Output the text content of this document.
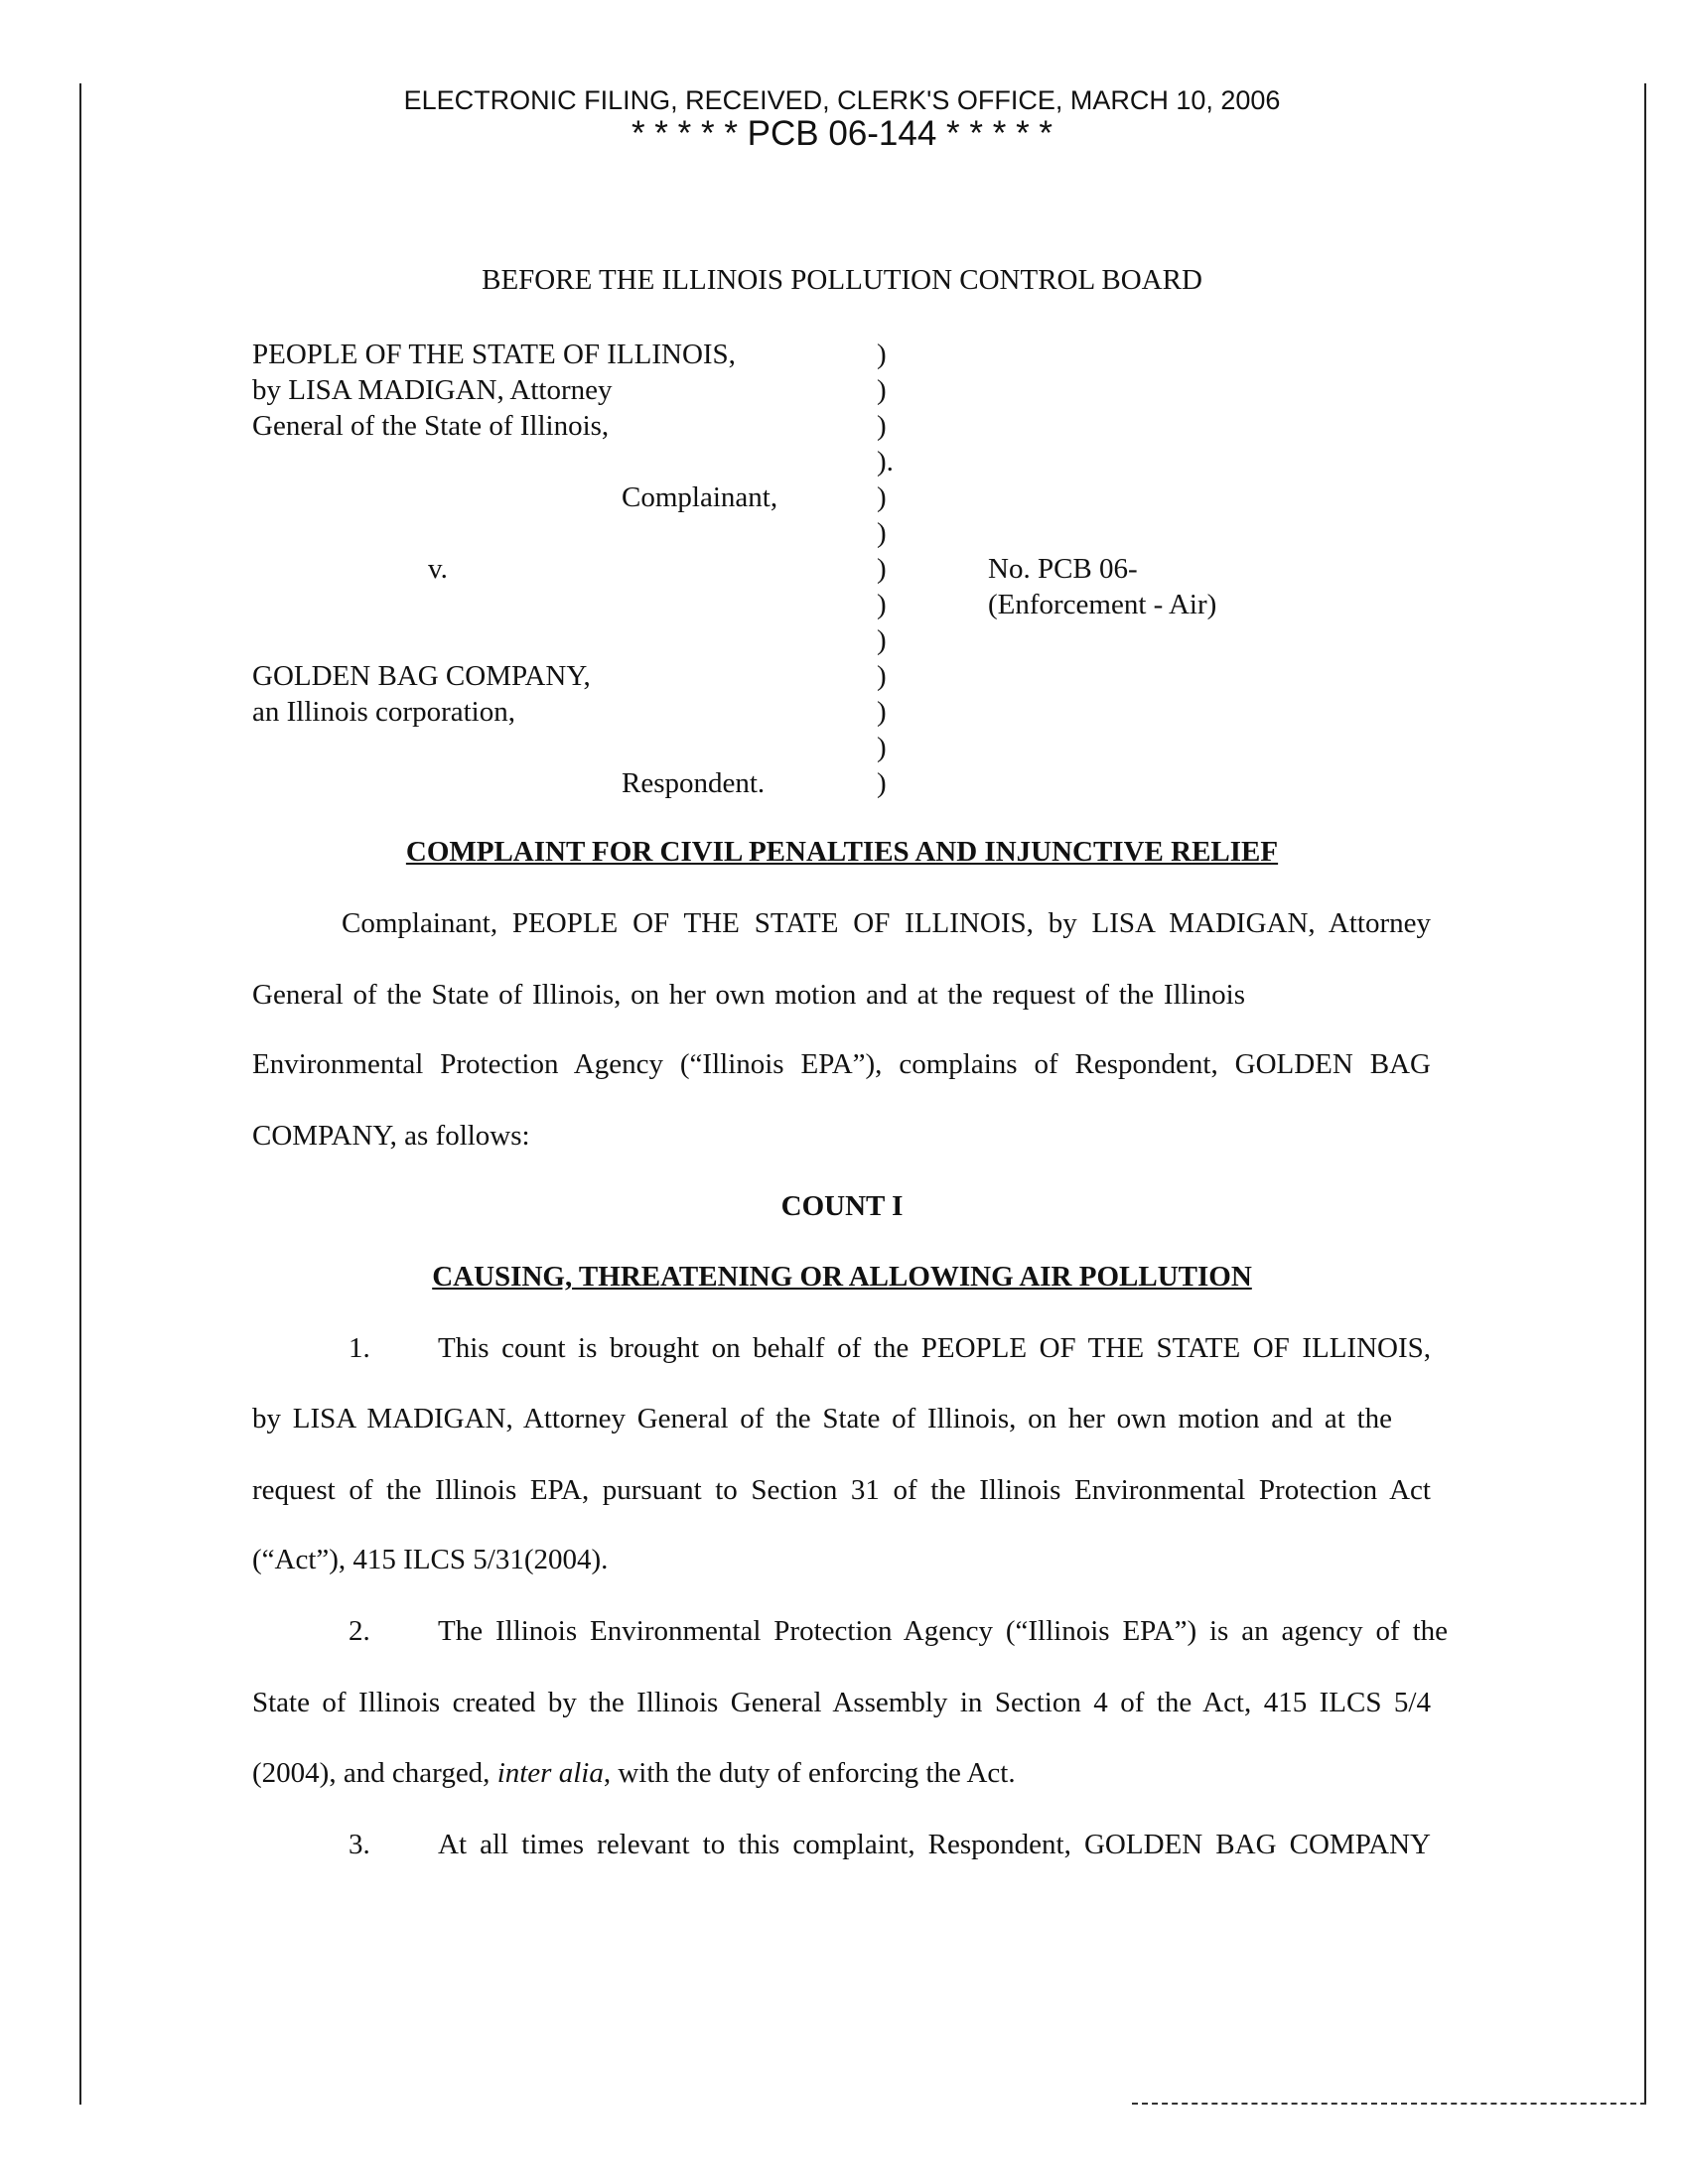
ELECTRONIC FILING, RECEIVED, CLERK'S OFFICE, MARCH 10, 2006
* * * * * PCB 06-144 * * * * *
BEFORE THE ILLINOIS POLLUTION CONTROL BOARD
PEOPLE OF THE STATE OF ILLINOIS,
by LISA MADIGAN, Attorney
General of the State of Illinois,
Complainant,
v.
GOLDEN BAG COMPANY,
an Illinois corporation,
Respondent.
)
)
)
).
)
)
)
)
)
)
)
)
)
No. PCB 06-
(Enforcement - Air)
COMPLAINT FOR CIVIL PENALTIES AND INJUNCTIVE RELIEF
Complainant, PEOPLE OF THE STATE OF ILLINOIS, by LISA MADIGAN, Attorney
General of the State of Illinois, on her own motion and at the request of the Illinois
Environmental Protection Agency (“Illinois EPA”), complains of Respondent, GOLDEN BAG
COMPANY, as follows:
COUNT I
CAUSING, THREATENING OR ALLOWING AIR POLLUTION
1. This count is brought on behalf of the PEOPLE OF THE STATE OF ILLINOIS,
by LISA MADIGAN, Attorney General of the State of Illinois, on her own motion and at the
request of the Illinois EPA, pursuant to Section 31 of the Illinois Environmental Protection Act
(“Act”), 415 ILCS 5/31(2004).
2. The Illinois Environmental Protection Agency (“Illinois EPA”) is an agency of the
State of Illinois created by the Illinois General Assembly in Section 4 of the Act, 415 ILCS 5/4
(2004), and charged, inter alia, with the duty of enforcing the Act.
3. At all times relevant to this complaint, Respondent, GOLDEN BAG COMPANY
